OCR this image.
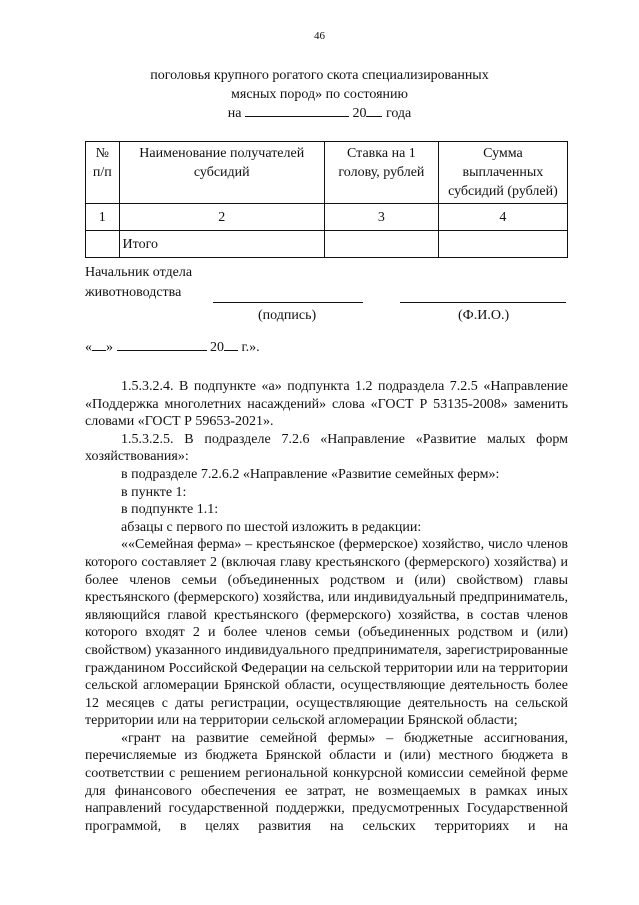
46
поголовья крупного рогатого скота специализированных
мясных пород» по состоянию
на	20 года
№ п/п	Наименование получателей субсидий	Ставка на 1 голову, рублей	Сумма выплаченных субсидий (рублей)
1	2	3	4
	Итого		
Начальник отдела
животноводства
(подпись)	(Ф.И.О.)
« »	20 г.».

1.5.3.2.4. В подпункте «а» подпункта 1.2 подраздела 7.2.5 «Направление «Поддержка многолетних насаждений» слова «ГОСТ Р 53135-2008» заменить словами «ГОСТ Р 59653-2021».

1.5.3.2.5. В подразделе 7.2.6 «Направление «Развитие малых форм хозяйствования»:

в подразделе 7.2.6.2 «Направление «Развитие семейных ферм»:

в пункте 1:

в подпункте 1.1:

абзацы с первого по шестой изложить в редакции:

««Семейная ферма» – крестьянское (фермерское) хозяйство, число членов которого составляет 2 (включая главу крестьянского (фермерского) хозяйства) и более членов семьи (объединенных родством и (или) свойством) главы крестьянского (фермерского) хозяйства, или индивидуальный предприниматель, являющийся главой крестьянского (фермерского) хозяйства, в состав членов которого входят 2 и более членов семьи (объединенных родством и (или) свойством) указанного индивидуального предпринимателя, зарегистрированные гражданином Российской Федерации на сельской территории или на территории сельской агломерации Брянской области, осуществляющие деятельность более 12 месяцев с даты регистрации, осуществляющие деятельность на сельской территории или на территории сельской агломерации Брянской области;

«грант на развитие семейной фермы» – бюджетные ассигнования, перечисляемые из бюджета Брянской области и (или) местного бюджета в соответствии с решением региональной конкурсной комиссии семейной ферме для финансового обеспечения ее затрат, не возмещаемых в рамках иных направлений государственной поддержки, предусмотренных Государственной программой, в целях развития на сельских территориях и на
